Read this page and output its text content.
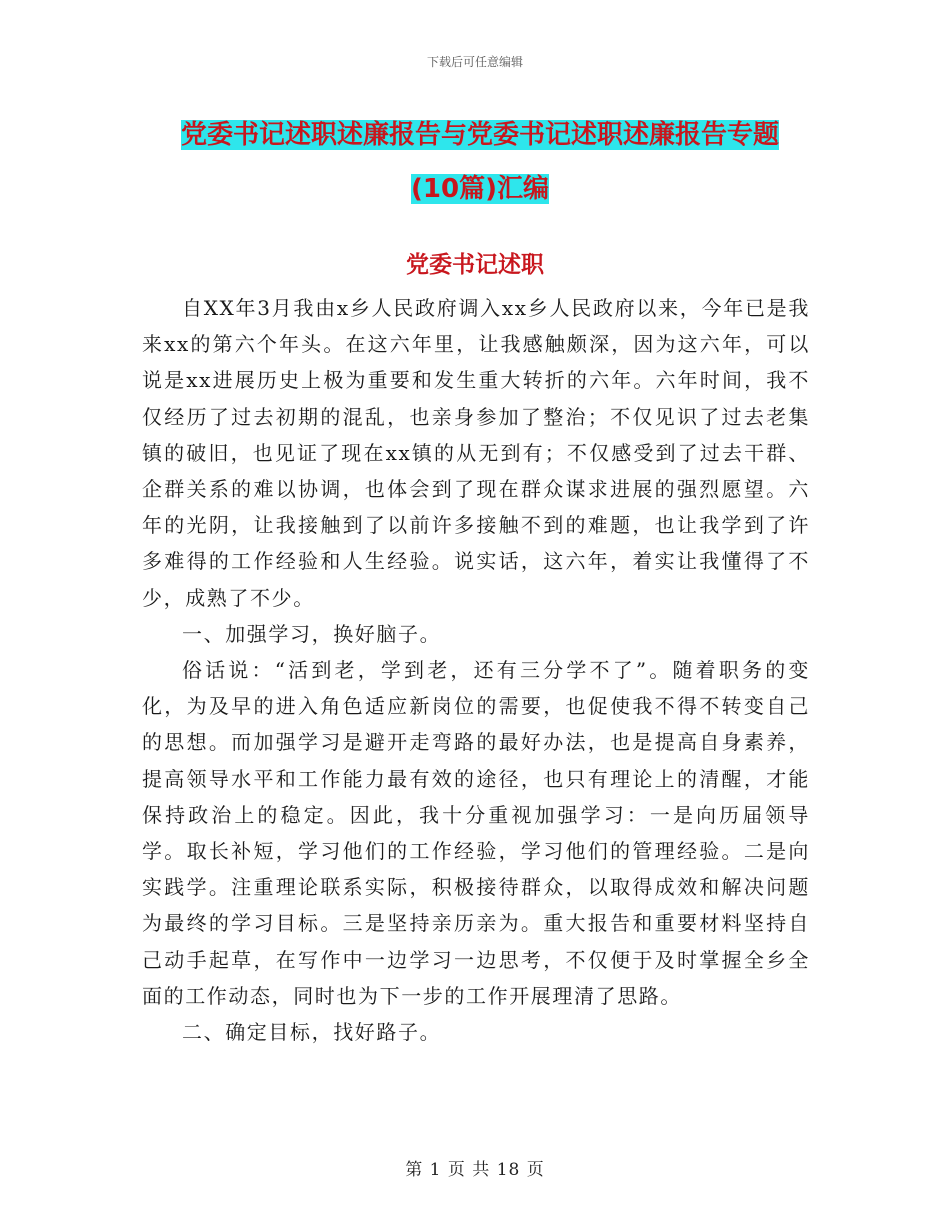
下载后可任意编辑
党委书记述职述廉报告与党委书记述职述廉报告专题
(10篇)汇编
党委书记述职

自XX年3月我由x乡人民政府调入xx乡人民政府以来，今年已是我来xx的第六个年头。在这六年里，让我感触颇深，因为这六年，可以说是xx进展历史上极为重要和发生重大转折的六年。六年时间，我不仅经历了过去初期的混乱，也亲身参加了整治；不仅见识了过去老集镇的破旧，也见证了现在xx镇的从无到有；不仅感受到了过去干群、企群关系的难以协调，也体会到了现在群众谋求进展的强烈愿望。六年的光阴，让我接触到了以前许多接触不到的难题，也让我学到了许多难得的工作经验和人生经验。说实话，这六年，着实让我懂得了不少，成熟了不少。

一、加强学习，换好脑子。

俗话说：“活到老，学到老，还有三分学不了”。随着职务的变化，为及早的进入角色适应新岗位的需要，也促使我不得不转变自己的思想。而加强学习是避开走弯路的最好办法，也是提高自身素养，提高领导水平和工作能力最有效的途径，也只有理论上的清醒，才能保持政治上的稳定。因此，我十分重视加强学习：一是向历届领导学。取长补短，学习他们的工作经验，学习他们的管理经验。二是向实践学。注重理论联系实际，积极接待群众，以取得成效和解决问题为最终的学习目标。三是坚持亲历亲为。重大报告和重要材料坚持自己动手起草，在写作中一边学习一边思考，不仅便于及时掌握全乡全面的工作动态，同时也为下一步的工作开展理清了思路。

二、确定目标，找好路子。

第 1 页 共 18 页
